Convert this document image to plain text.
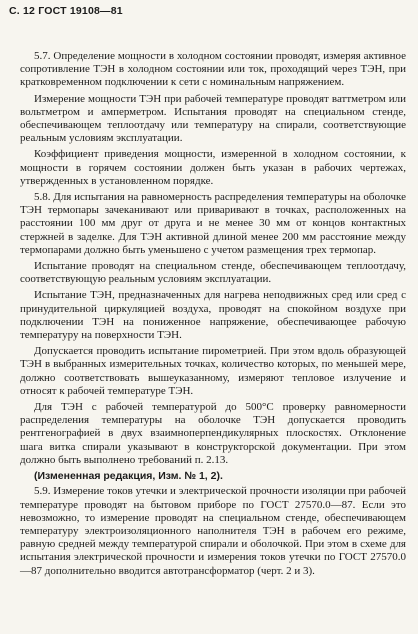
С. 12 ГОСТ 19108—81

5.7. Определение мощности в холодном состоянии проводят, измеряя активное сопротивление ТЭН в холодном состоянии или ток, проходящий через ТЭН, при кратковременном подключении к сети с номинальным напряжением.

Измерение мощности ТЭН при рабочей температуре проводят ваттметром или вольтметром и амперметром. Испытания проводят на специальном стенде, обеспечивающем теплоотдачу или температуру на спирали, соответствующие реальным условиям эксплуатации.

Коэффициент приведения мощности, измеренной в холодном состоянии, к мощности в горячем состоянии должен быть указан в рабочих чертежах, утвержденных в установленном порядке.

5.8. Для испытания на равномерность распределения температуры на оболочке ТЭН термопары зачеканивают или приваривают в точках, расположенных на расстоянии 100 мм друг от друга и не менее 30 мм от концов контактных стержней в заделке. Для ТЭН активной длиной менее 200 мм расстояние между термопарами должно быть уменьшено с учетом размещения трех термопар.

Испытание проводят на специальном стенде, обеспечивающем теплоотдачу, соответствующую реальным условиям эксплуатации.

Испытание ТЭН, предназначенных для нагрева неподвижных сред или сред с принудительной циркуляцией воздуха, проводят на спокойном воздухе при подключении ТЭН на пониженное напряжение, обеспечивающее рабочую температуру на поверхности ТЭН.

Допускается проводить испытание пирометрией. При этом вдоль образующей ТЭН в выбранных измерительных точках, количество которых, по меньшей мере, должно соответствовать вышеуказанному, измеряют тепловое излучение и относят к рабочей температуре ТЭН.

Для ТЭН с рабочей температурой до 500°С проверку равномерности распределения температуры на оболочке ТЭН допускается проводить рентгенографией в двух взаимноперпендикулярных плоскостях. Отклонение шага витка спирали указывают в конструкторской документации. При этом должно быть выполнено требований п. 2.13.

(Измененная редакция, Изм. № 1, 2).

5.9. Измерение токов утечки и электрической прочности изоляции при рабочей температуре проводят на бытовом приборе по ГОСТ 27570.0—87. Если это невозможно, то измерение проводят на специальном стенде, обеспечивающем температуру электроизоляционного наполнителя ТЭН в рабочем его режиме, равную средней между температурой спирали и оболочкой. При этом в схеме для испытания электрической прочности и измерения токов утечки по ГОСТ 27570.0—87 дополнительно вводится автотрансформатор (черт. 2 и 3).
